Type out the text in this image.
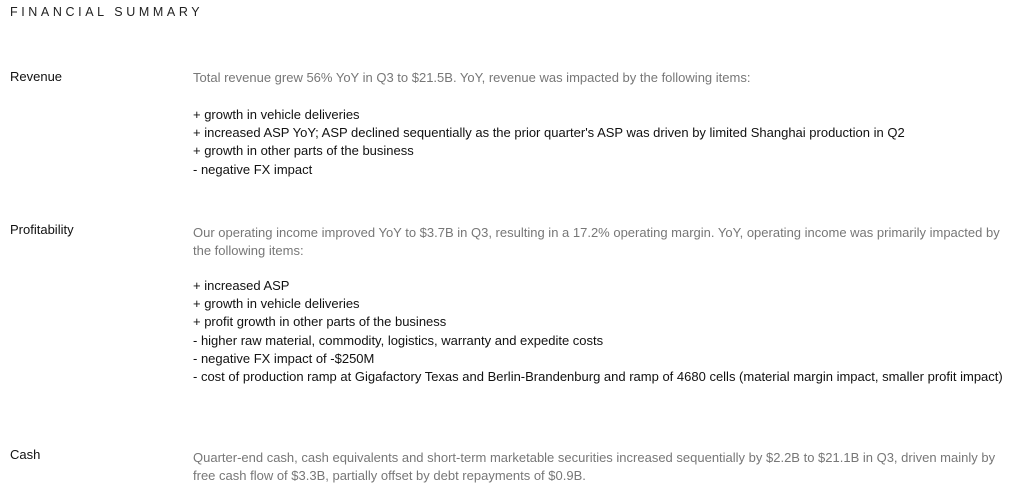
FINANCIAL SUMMARY
Revenue	Total revenue grew 56% YoY in Q3 to $21.5B. YoY, revenue was impacted by the following items:

+ growth in vehicle deliveries
+ increased ASP YoY; ASP declined sequentially as the prior quarter's ASP was driven by limited Shanghai production in Q2
+ growth in other parts of the business
- negative FX impact
Profitability	Our operating income improved YoY to $3.7B in Q3, resulting in a 17.2% operating margin. YoY, operating income was primarily impacted by the following items:

+ increased ASP
+ growth in vehicle deliveries
+ profit growth in other parts of the business
- higher raw material, commodity, logistics, warranty and expedite costs
- negative FX impact of -$250M
- cost of production ramp at Gigafactory Texas and Berlin-Brandenburg and ramp of 4680 cells (material margin impact, smaller profit impact)
Cash	Quarter-end cash, cash equivalents and short-term marketable securities increased sequentially by $2.2B to $21.1B in Q3, driven mainly by free cash flow of $3.3B, partially offset by debt repayments of $0.9B.
